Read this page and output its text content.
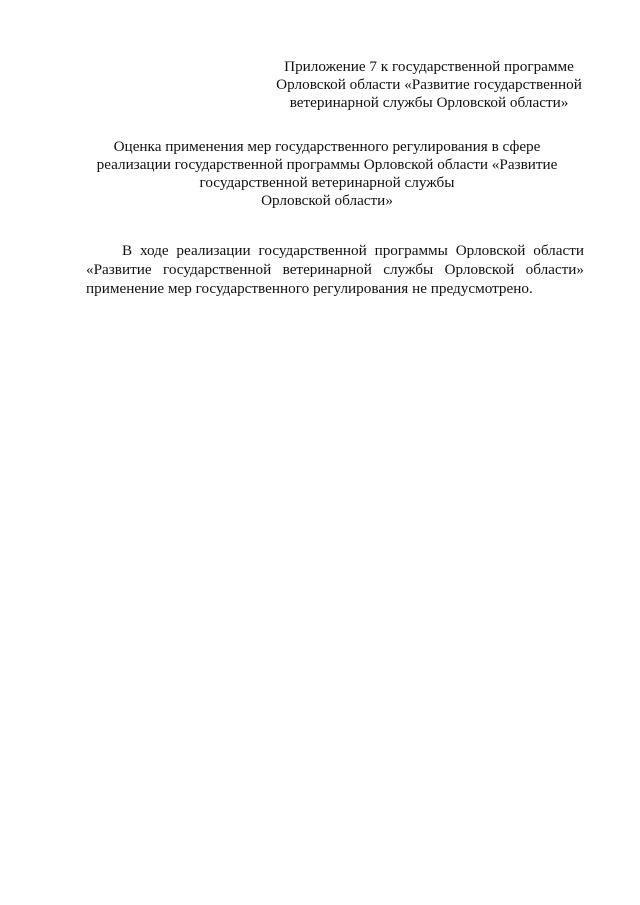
Приложение 7 к государственной программе
Орловской области «Развитие государственной
ветеринарной службы Орловской области»
Оценка применения мер государственного регулирования в сфере
реализации государственной программы Орловской области «Развитие
государственной ветеринарной службы
Орловской области»
В ходе реализации государственной программы Орловской области
«Развитие государственной ветеринарной службы Орловской области»
применение мер государственного регулирования не предусмотрено.
